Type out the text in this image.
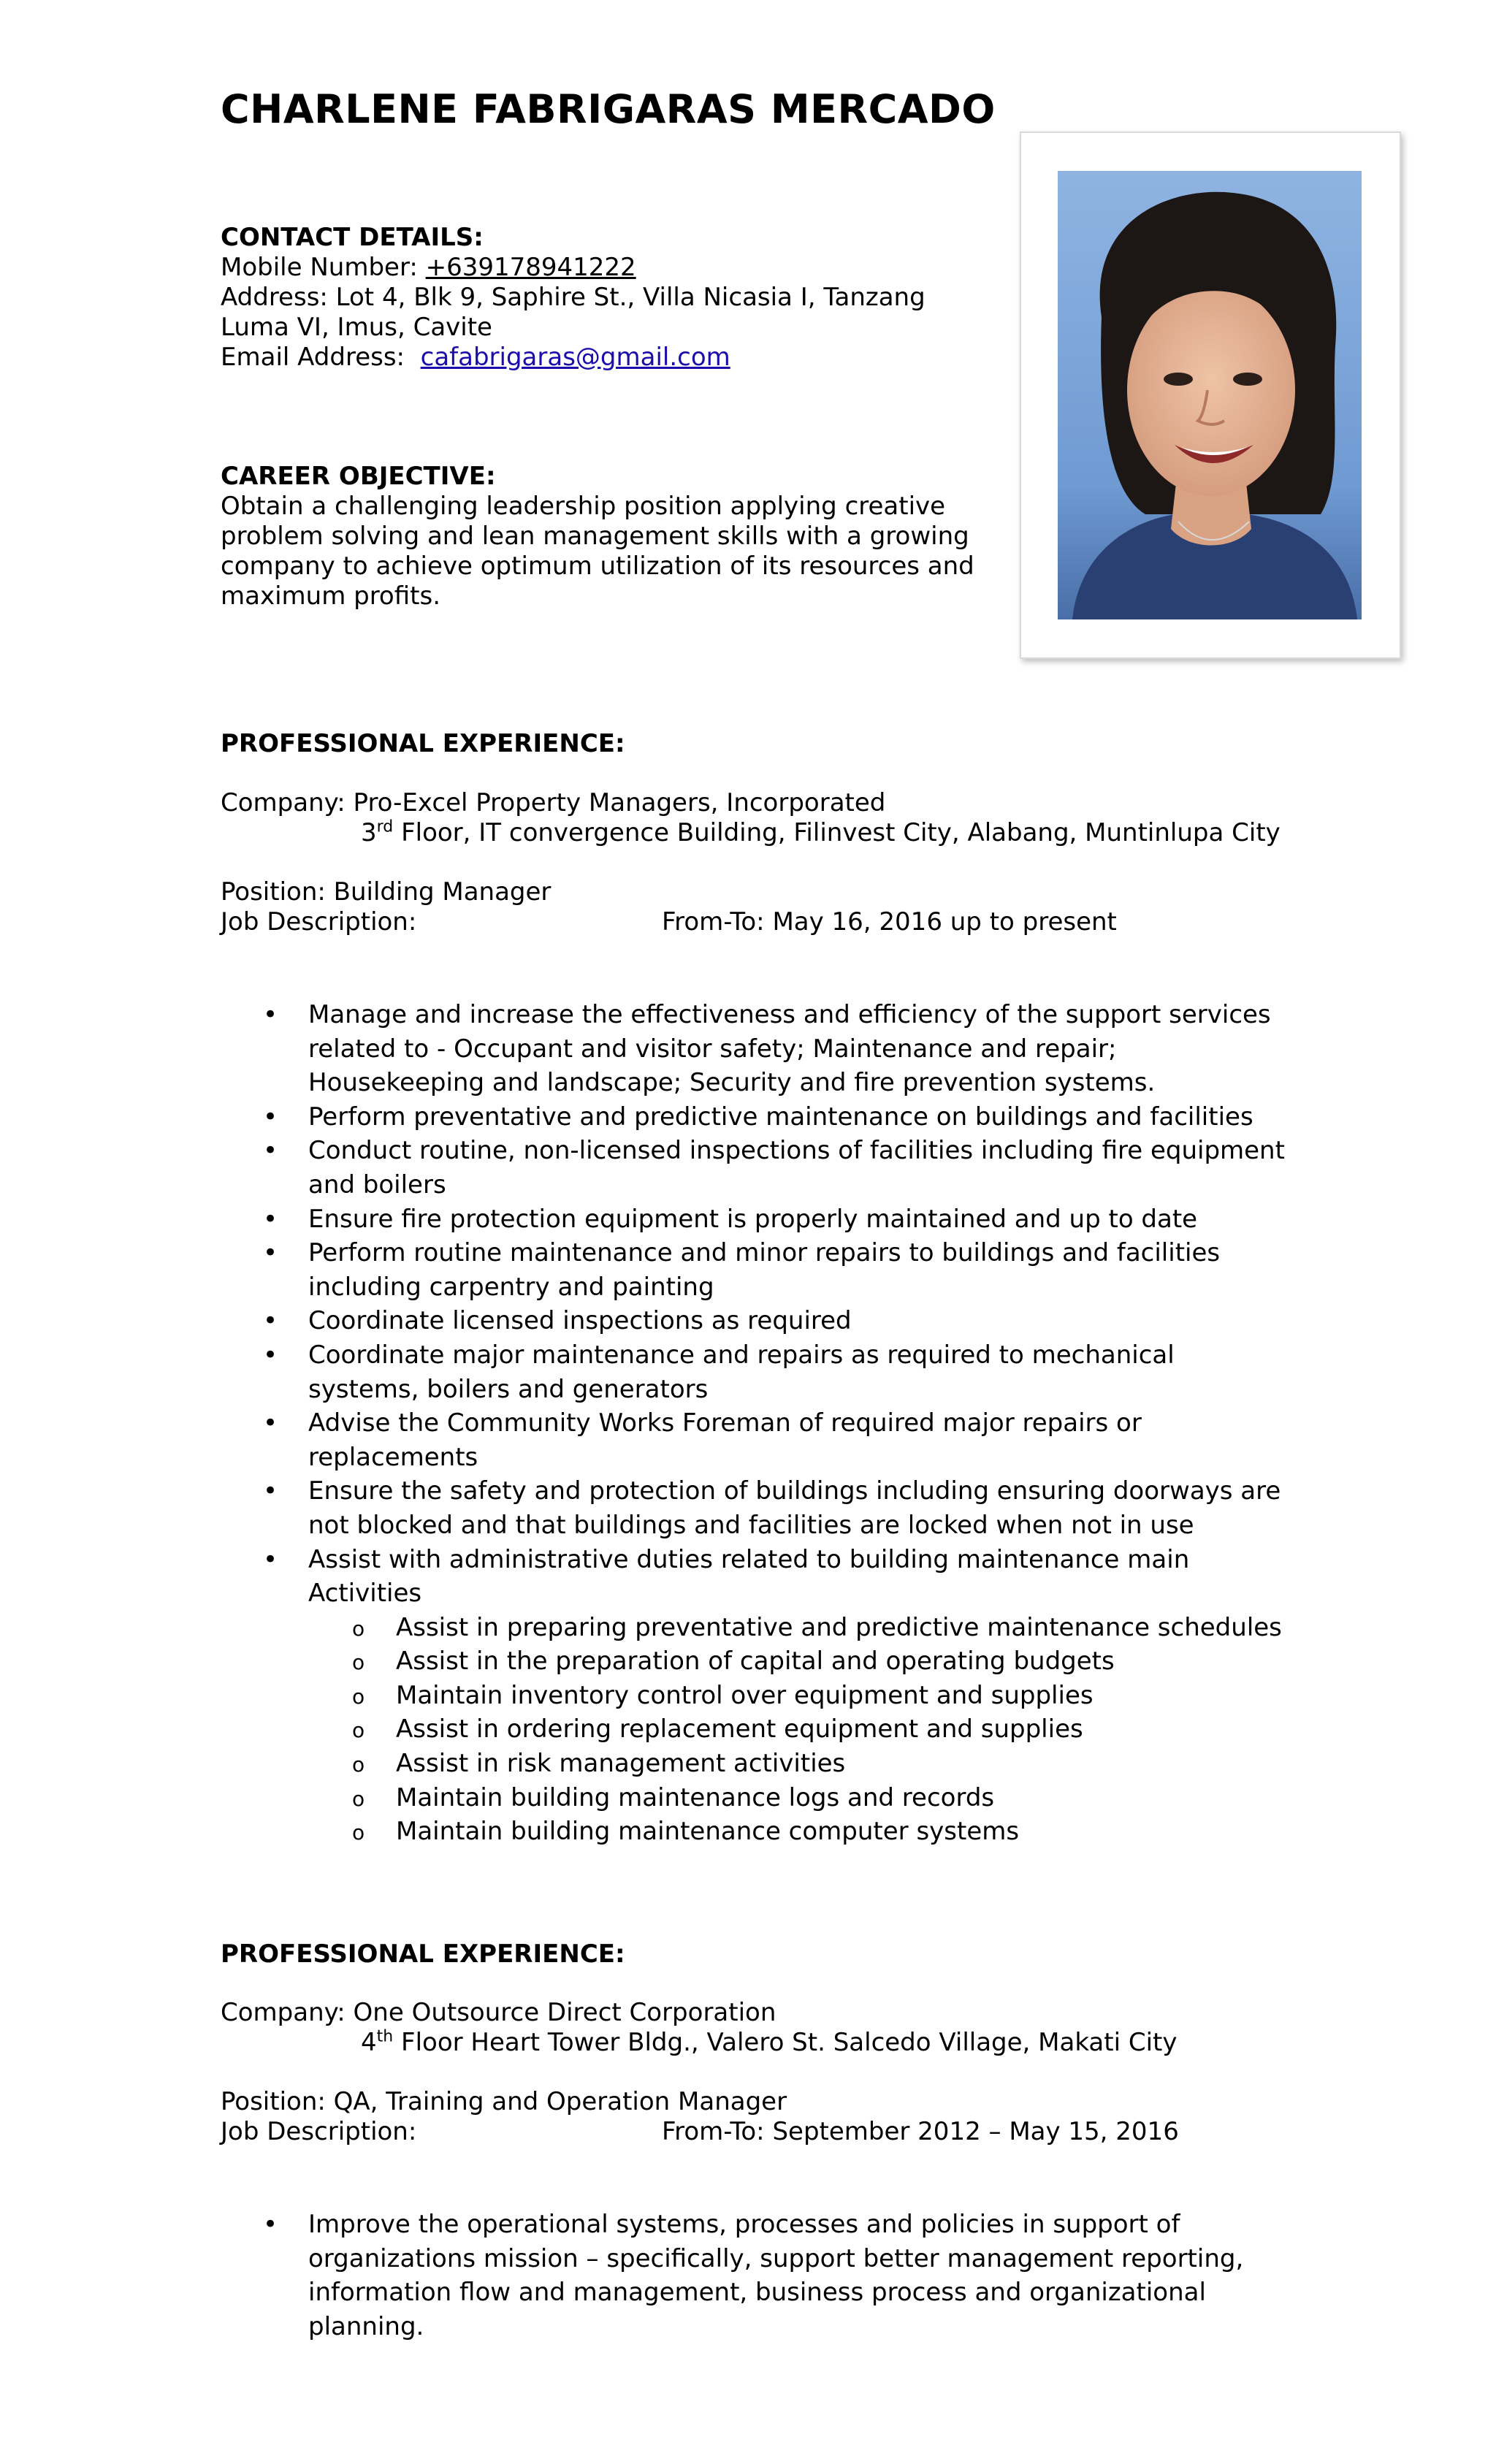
CHARLENE FABRIGARAS MERCADO
CONTACT DETAILS:
Mobile Number: +639178941222
Address: Lot 4, Blk 9, Saphire St., Villa Nicasia I, Tanzang
Luma VI, Imus, Cavite
Email Address:  cafabrigaras@gmail.com
CAREER OBJECTIVE:
Obtain a challenging leadership position applying creative
problem solving and lean management skills with a growing
company to achieve optimum utilization of its resources and
maximum profits.
PROFESSIONAL EXPERIENCE:
Company: Pro-Excel Property Managers, Incorporated
3rd Floor, IT convergence Building, Filinvest City, Alabang, Muntinlupa City
Position: Building Manager
Job Description:	From-To: May 16, 2016 up to present
• Manage and increase the effectiveness and efficiency of the support services
related to - Occupant and visitor safety; Maintenance and repair;
Housekeeping and landscape; Security and fire prevention systems.
• Perform preventative and predictive maintenance on buildings and facilities
• Conduct routine, non-licensed inspections of facilities including fire equipment
and boilers
• Ensure fire protection equipment is properly maintained and up to date
• Perform routine maintenance and minor repairs to buildings and facilities
including carpentry and painting
• Coordinate licensed inspections as required
• Coordinate major maintenance and repairs as required to mechanical
systems, boilers and generators
• Advise the Community Works Foreman of required major repairs or
replacements
• Ensure the safety and protection of buildings including ensuring doorways are
not blocked and that buildings and facilities are locked when not in use
• Assist with administrative duties related to building maintenance main
Activities
o Assist in preparing preventative and predictive maintenance schedules
o Assist in the preparation of capital and operating budgets
o Maintain inventory control over equipment and supplies
o Assist in ordering replacement equipment and supplies
o Assist in risk management activities
o Maintain building maintenance logs and records
o Maintain building maintenance computer systems
PROFESSIONAL EXPERIENCE:
Company: One Outsource Direct Corporation
4th Floor Heart Tower Bldg., Valero St. Salcedo Village, Makati City
Position: QA, Training and Operation Manager
Job Description:	From-To: September 2012 – May 15, 2016
• Improve the operational systems, processes and policies in support of
organizations mission – specifically, support better management reporting,
information flow and management, business process and organizational
planning.
